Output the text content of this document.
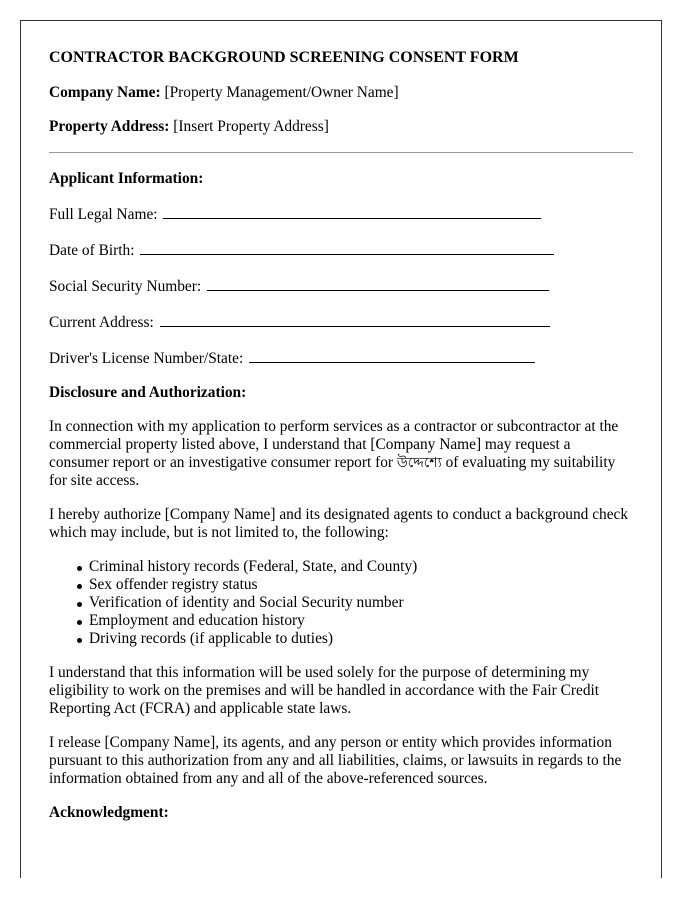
CONTRACTOR BACKGROUND SCREENING CONSENT FORM
Company Name: [Property Management/Owner Name]
Property Address: [Insert Property Address]
Applicant Information:
Full Legal Name:
Date of Birth:
Social Security Number:
Current Address:
Driver's License Number/State:
Disclosure and Authorization:

In connection with my application to perform services as a contractor or subcontractor at the commercial property listed above, I understand that [Company Name] may request a consumer report or an investigative consumer report for উদ্দেশ্যে of evaluating my suitability for site access.

I hereby authorize [Company Name] and its designated agents to conduct a background check which may include, but is not limited to, the following:

Criminal history records (Federal, State, and County)
Sex offender registry status
Verification of identity and Social Security number
Employment and education history
Driving records (if applicable to duties)

I understand that this information will be used solely for the purpose of determining my eligibility to work on the premises and will be handled in accordance with the Fair Credit Reporting Act (FCRA) and applicable state laws.

I release [Company Name], its agents, and any person or entity which provides information pursuant to this authorization from any and all liabilities, claims, or lawsuits in regards to the information obtained from any and all of the above-referenced sources.

Acknowledgment:
